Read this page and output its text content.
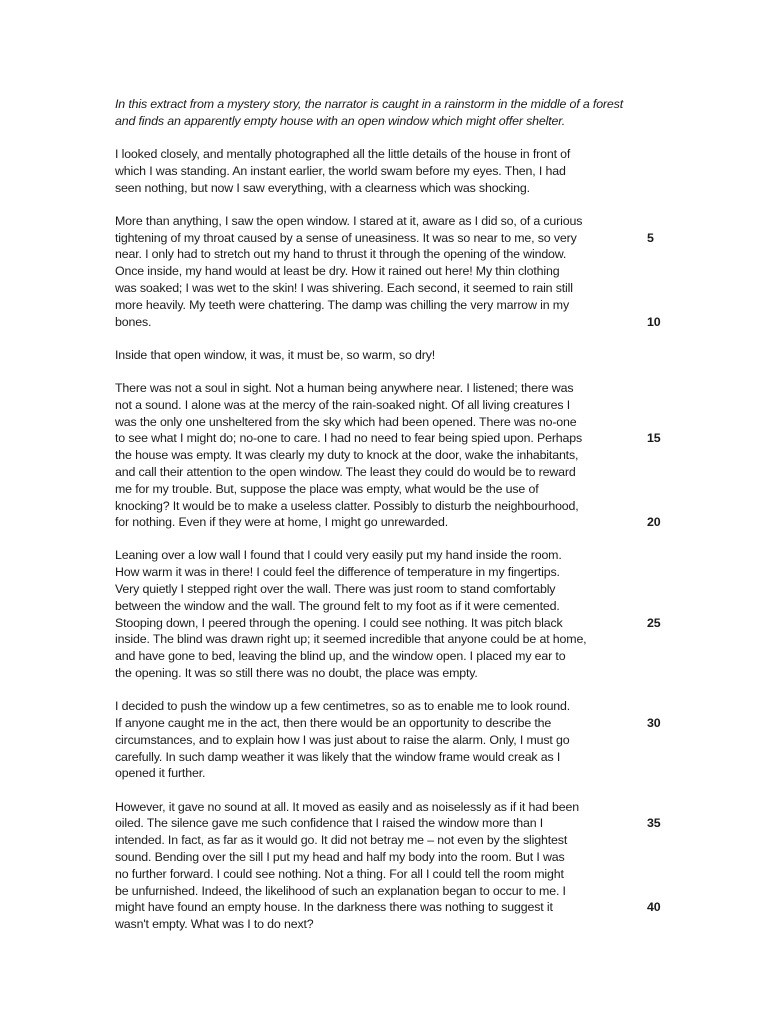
In this extract from a mystery story, the narrator is caught in a rainstorm in the middle of a forest
and finds an apparently empty house with an open window which might offer shelter.
I looked closely, and mentally photographed all the little details of the house in front of
which I was standing. An instant earlier, the world swam before my eyes. Then, I had
seen nothing, but now I saw everything, with a clearness which was shocking.
More than anything, I saw the open window. I stared at it, aware as I did so, of a curious
tightening of my throat caused by a sense of uneasiness. It was so near to me, so very	5
near. I only had to stretch out my hand to thrust it through the opening of the window.
Once inside, my hand would at least be dry. How it rained out here! My thin clothing
was soaked; I was wet to the skin! I was shivering. Each second, it seemed to rain still
more heavily. My teeth were chattering. The damp was chilling the very marrow in my
bones.	10
Inside that open window, it was, it must be, so warm, so dry!
There was not a soul in sight. Not a human being anywhere near. I listened; there was
not a sound. I alone was at the mercy of the rain-soaked night. Of all living creatures I
was the only one unsheltered from the sky which had been opened. There was no-one
to see what I might do; no-one to care. I had no need to fear being spied upon. Perhaps	15
the house was empty. It was clearly my duty to knock at the door, wake the inhabitants,
and call their attention to the open window. The least they could do would be to reward
me for my trouble. But, suppose the place was empty, what would be the use of
knocking? It would be to make a useless clatter. Possibly to disturb the neighbourhood,
for nothing. Even if they were at home, I might go unrewarded.	20
Leaning over a low wall I found that I could very easily put my hand inside the room.
How warm it was in there! I could feel the difference of temperature in my fingertips.
Very quietly I stepped right over the wall. There was just room to stand comfortably
between the window and the wall. The ground felt to my foot as if it were cemented.
Stooping down, I peered through the opening. I could see nothing. It was pitch black	25
inside. The blind was drawn right up; it seemed incredible that anyone could be at home,
and have gone to bed, leaving the blind up, and the window open. I placed my ear to
the opening. It was so still there was no doubt, the place was empty.
I decided to push the window up a few centimetres, so as to enable me to look round.
If anyone caught me in the act, then there would be an opportunity to describe the	30
circumstances, and to explain how I was just about to raise the alarm. Only, I must go
carefully. In such damp weather it was likely that the window frame would creak as I
opened it further.
However, it gave no sound at all. It moved as easily and as noiselessly as if it had been
oiled. The silence gave me such confidence that I raised the window more than I	35
intended. In fact, as far as it would go. It did not betray me – not even by the slightest
sound. Bending over the sill I put my head and half my body into the room. But I was
no further forward. I could see nothing. Not a thing. For all I could tell the room might
be unfurnished. Indeed, the likelihood of such an explanation began to occur to me. I
might have found an empty house. In the darkness there was nothing to suggest it	40
wasn't empty. What was I to do next?
